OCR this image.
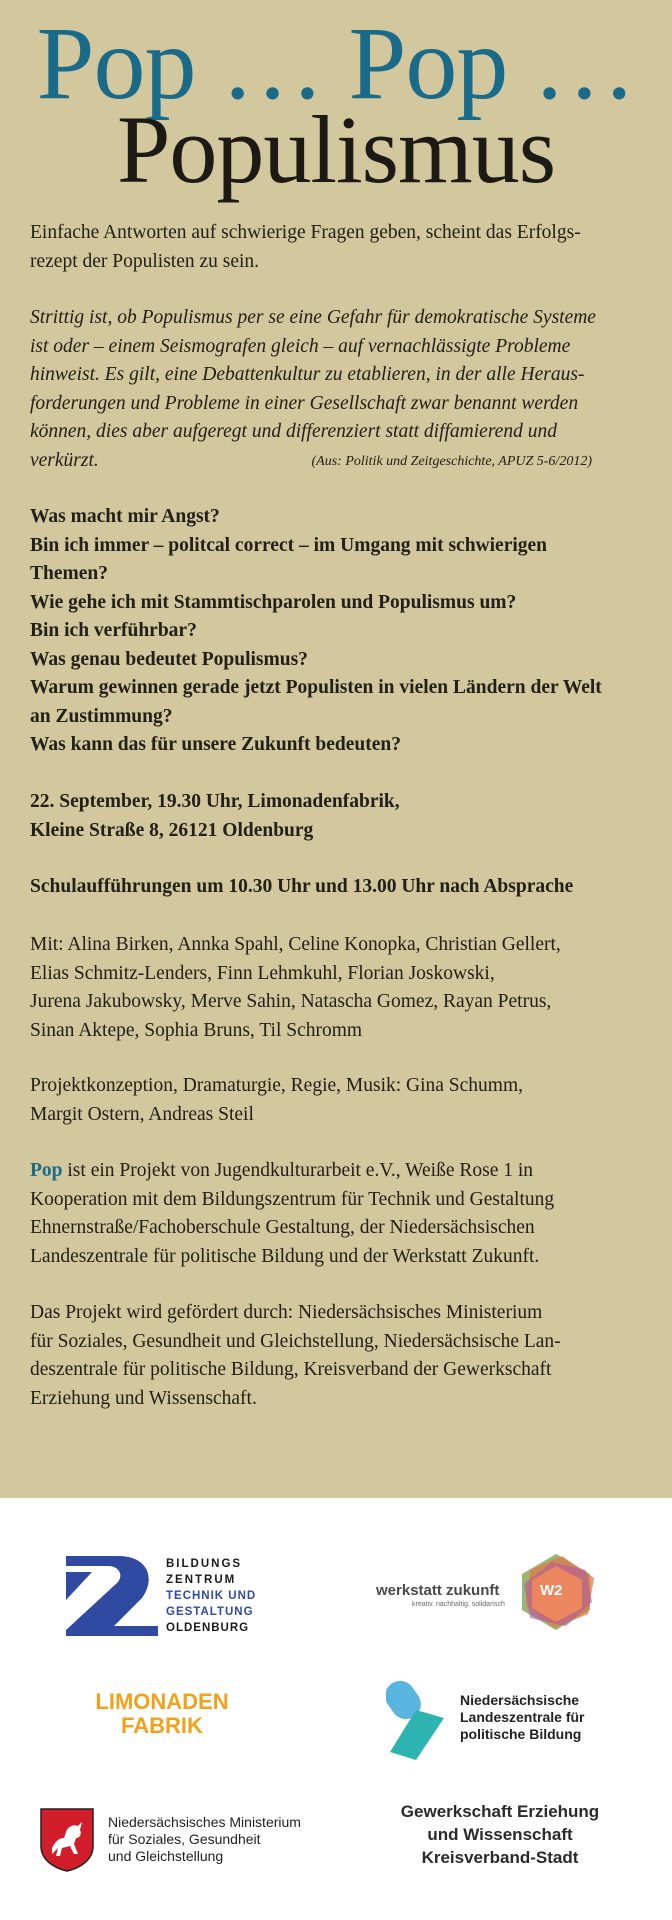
Pop … Pop …
Populismus

Einfache Antworten auf schwierige Fragen geben, scheint das Erfolgs-

rezept der Populisten zu sein.

Strittig ist, ob Populismus per se eine Gefahr für demokratische Systeme

ist oder – einem Seismografen gleich – auf vernachlässigte Probleme

hinweist. Es gilt, eine Debattenkultur zu etablieren, in der alle Heraus-

forderungen und Probleme in einer Gesellschaft zwar benannt werden

können, dies aber aufgeregt und differenziert statt diffamierend und

verkürzt.	(Aus: Politik und Zeitgeschichte, APUZ 5-6/2012)

Was macht mir Angst?

Bin ich immer – politcal correct – im Umgang mit schwierigen

Themen?

Wie gehe ich mit Stammtischparolen und Populismus um?

Bin ich verführbar?

Was genau bedeutet Populismus?

Warum gewinnen gerade jetzt Populisten in vielen Ländern der Welt

an Zustimmung?

Was kann das für unsere Zukunft bedeuten?

22. September, 19.30 Uhr, Limonadenfabrik,

Kleine Straße 8, 26121 Oldenburg

Schulaufführungen um 10.30 Uhr und 13.00 Uhr nach Absprache

Mit: Alina Birken, Annka Spahl, Celine Konopka, Christian Gellert,

Elias Schmitz-Lenders, Finn Lehmkuhl, Florian Joskowski,

Jurena Jakubowsky, Merve Sahin, Natascha Gomez, Rayan Petrus,

Sinan Aktepe, Sophia Bruns, Til Schromm

Projektkonzeption, Dramaturgie, Regie, Musik: Gina Schumm,

Margit Ostern, Andreas Steil

Pop ist ein Projekt von Jugendkulturarbeit e.V., Weiße Rose 1 in

Kooperation mit dem Bildungszentrum für Technik und Gestaltung

Ehnernstraße/Fachoberschule Gestaltung, der Niedersächsischen

Landeszentrale für politische Bildung und der Werkstatt Zukunft.

Das Projekt wird gefördert durch: Niedersächsisches Ministerium

für Soziales, Gesundheit und Gleichstellung, Niedersächsische Lan-

deszentrale für politische Bildung, Kreisverband der Gewerkschaft

Erziehung und Wissenschaft.

BILDUNGS
ZENTRUM
TECHNIK UND
GESTALTUNG
OLDENBURG
werkstatt zukunft
kreativ. nachhaltig. solidarisch
W2
LIMONADEN
FABRIK
Niedersächsische
Landeszentrale für
politische Bildung
Niedersächsisches Ministerium
für Soziales, Gesundheit
und Gleichstellung
Gewerkschaft Erziehung
und Wissenschaft
Kreisverband-Stadt
